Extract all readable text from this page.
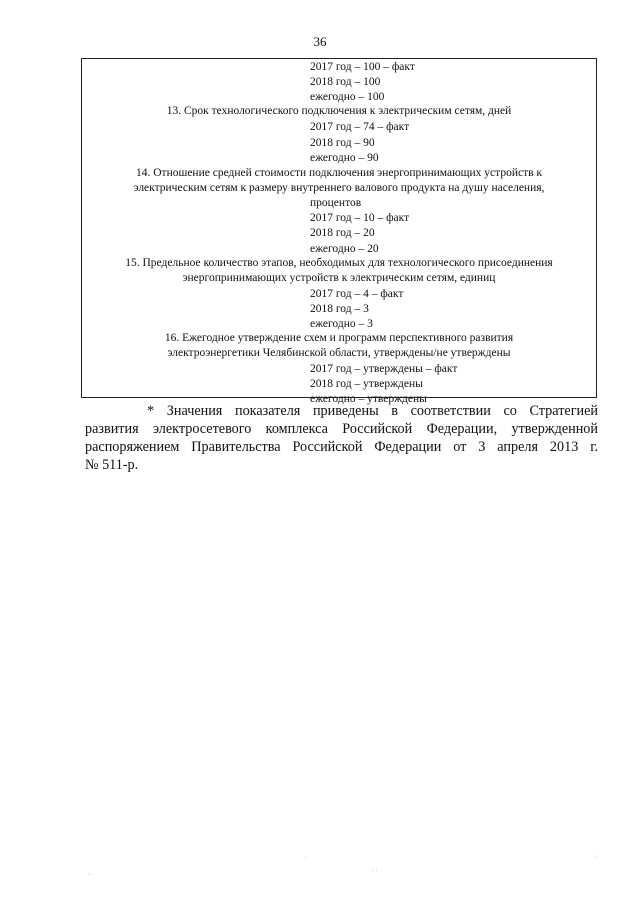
36
2017 год – 100 – факт
2018 год – 100
ежегодно – 100
13. Срок технологического подключения к электрическим сетям, дней
2017 год – 74 – факт
2018 год – 90
ежегодно – 90
14. Отношение средней стоимости подключения энергопринимающих устройств к
электрическим сетям к размеру внутреннего валового продукта на душу населения,
процентов
2017 год – 10 – факт
2018 год – 20
ежегодно – 20
15. Предельное количество этапов, необходимых для технологического присоединения
энергопринимающих устройств к электрическим сетям, единиц
2017 год – 4 – факт
2018 год – 3
ежегодно – 3
16. Ежегодное утверждение схем и программ перспективного развития
электроэнергетики Челябинской области, утверждены/не утверждены
2017 год – утверждены – факт
2018 год – утверждены
ежегодно – утверждены
* Значения показателя приведены в соответствии со Стратегией
развития электросетевого комплекса Российской Федерации, утвержденной
распоряжением Правительства Российской Федерации от 3 апреля 2013 г.
№ 511-р.
· ·
·
· ·
·
